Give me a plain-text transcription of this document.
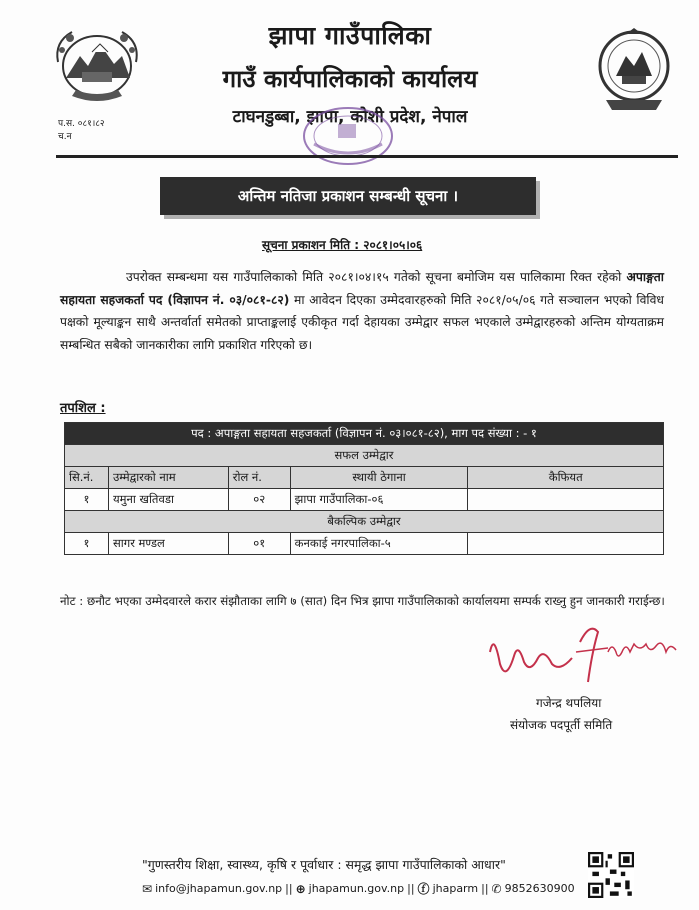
झापा गाउँपालिका
गाउँ कार्यपालिकाको कार्यालय
टाघनडुब्बा, झापा, कोशी प्रदेश, नेपाल
प.स. ०८१।८२
च.न
अन्तिम नतिजा प्रकाशन सम्बन्धी सूचना ।
सूचना प्रकाशन मिति : २०८१।०५।०६
उपरोक्त सम्बन्धमा यस गाउँपालिकाको मिति २०८१।०४।१५ गतेको सूचना बमोजिम यस पालिकामा रिक्त रहेको अपाङ्गता सहायता सहजकर्ता पद (विज्ञापन नं. ०३/०८१-८२) मा आवेदन दिएका उम्मेदवारहरुको मिति २०८१/०५/०६ गते सञ्चालन भएको विविध पक्षको मूल्याङ्कन साथै अन्तर्वार्ता समेतको प्राप्ताङ्कलाई एकीकृत गर्दा देहायका उम्मेद्वार सफल भएकाले उम्मेद्वारहरुको अन्तिम योग्यताक्रम सम्बन्धित सबैको जानकारीका लागि प्रकाशित गरिएको छ।
तपशिल :
पद : अपाङ्गता सहायता सहजकर्ता (विज्ञापन नं. ०३।०८१-८२), माग पद संख्या : - १				
सफल उम्मेद्वार				
सि.नं.	उम्मेद्वारको नाम	रोल नं.	स्थायी ठेगाना	कैफियत
१	यमुना खतिवडा	०२	झापा गाउँपालिका-०६	
बैकल्पिक उम्मेद्वार				
१	सागर मण्डल	०१	कनकाई नगरपालिका-५	
नोट : छनौट भएका उम्मेदवारले करार संझौताका लागि ७ (सात) दिन भित्र झापा गाउँपालिकाको कार्यालयमा सम्पर्क राख्नु हुन जानकारी गराईन्छ।
गजेन्द्र थपलिया
संयोजक पदपूर्ती समिति
"गुणस्तरीय शिक्षा, स्वास्थ्य, कृषि र पूर्वाधार : समृद्ध झापा गाउँपालिकाको आधार"
✉ info@jhapamun.gov.np || ⊕ jhapamun.gov.np || ⓕ jhaparm || ✆ 9852630900
